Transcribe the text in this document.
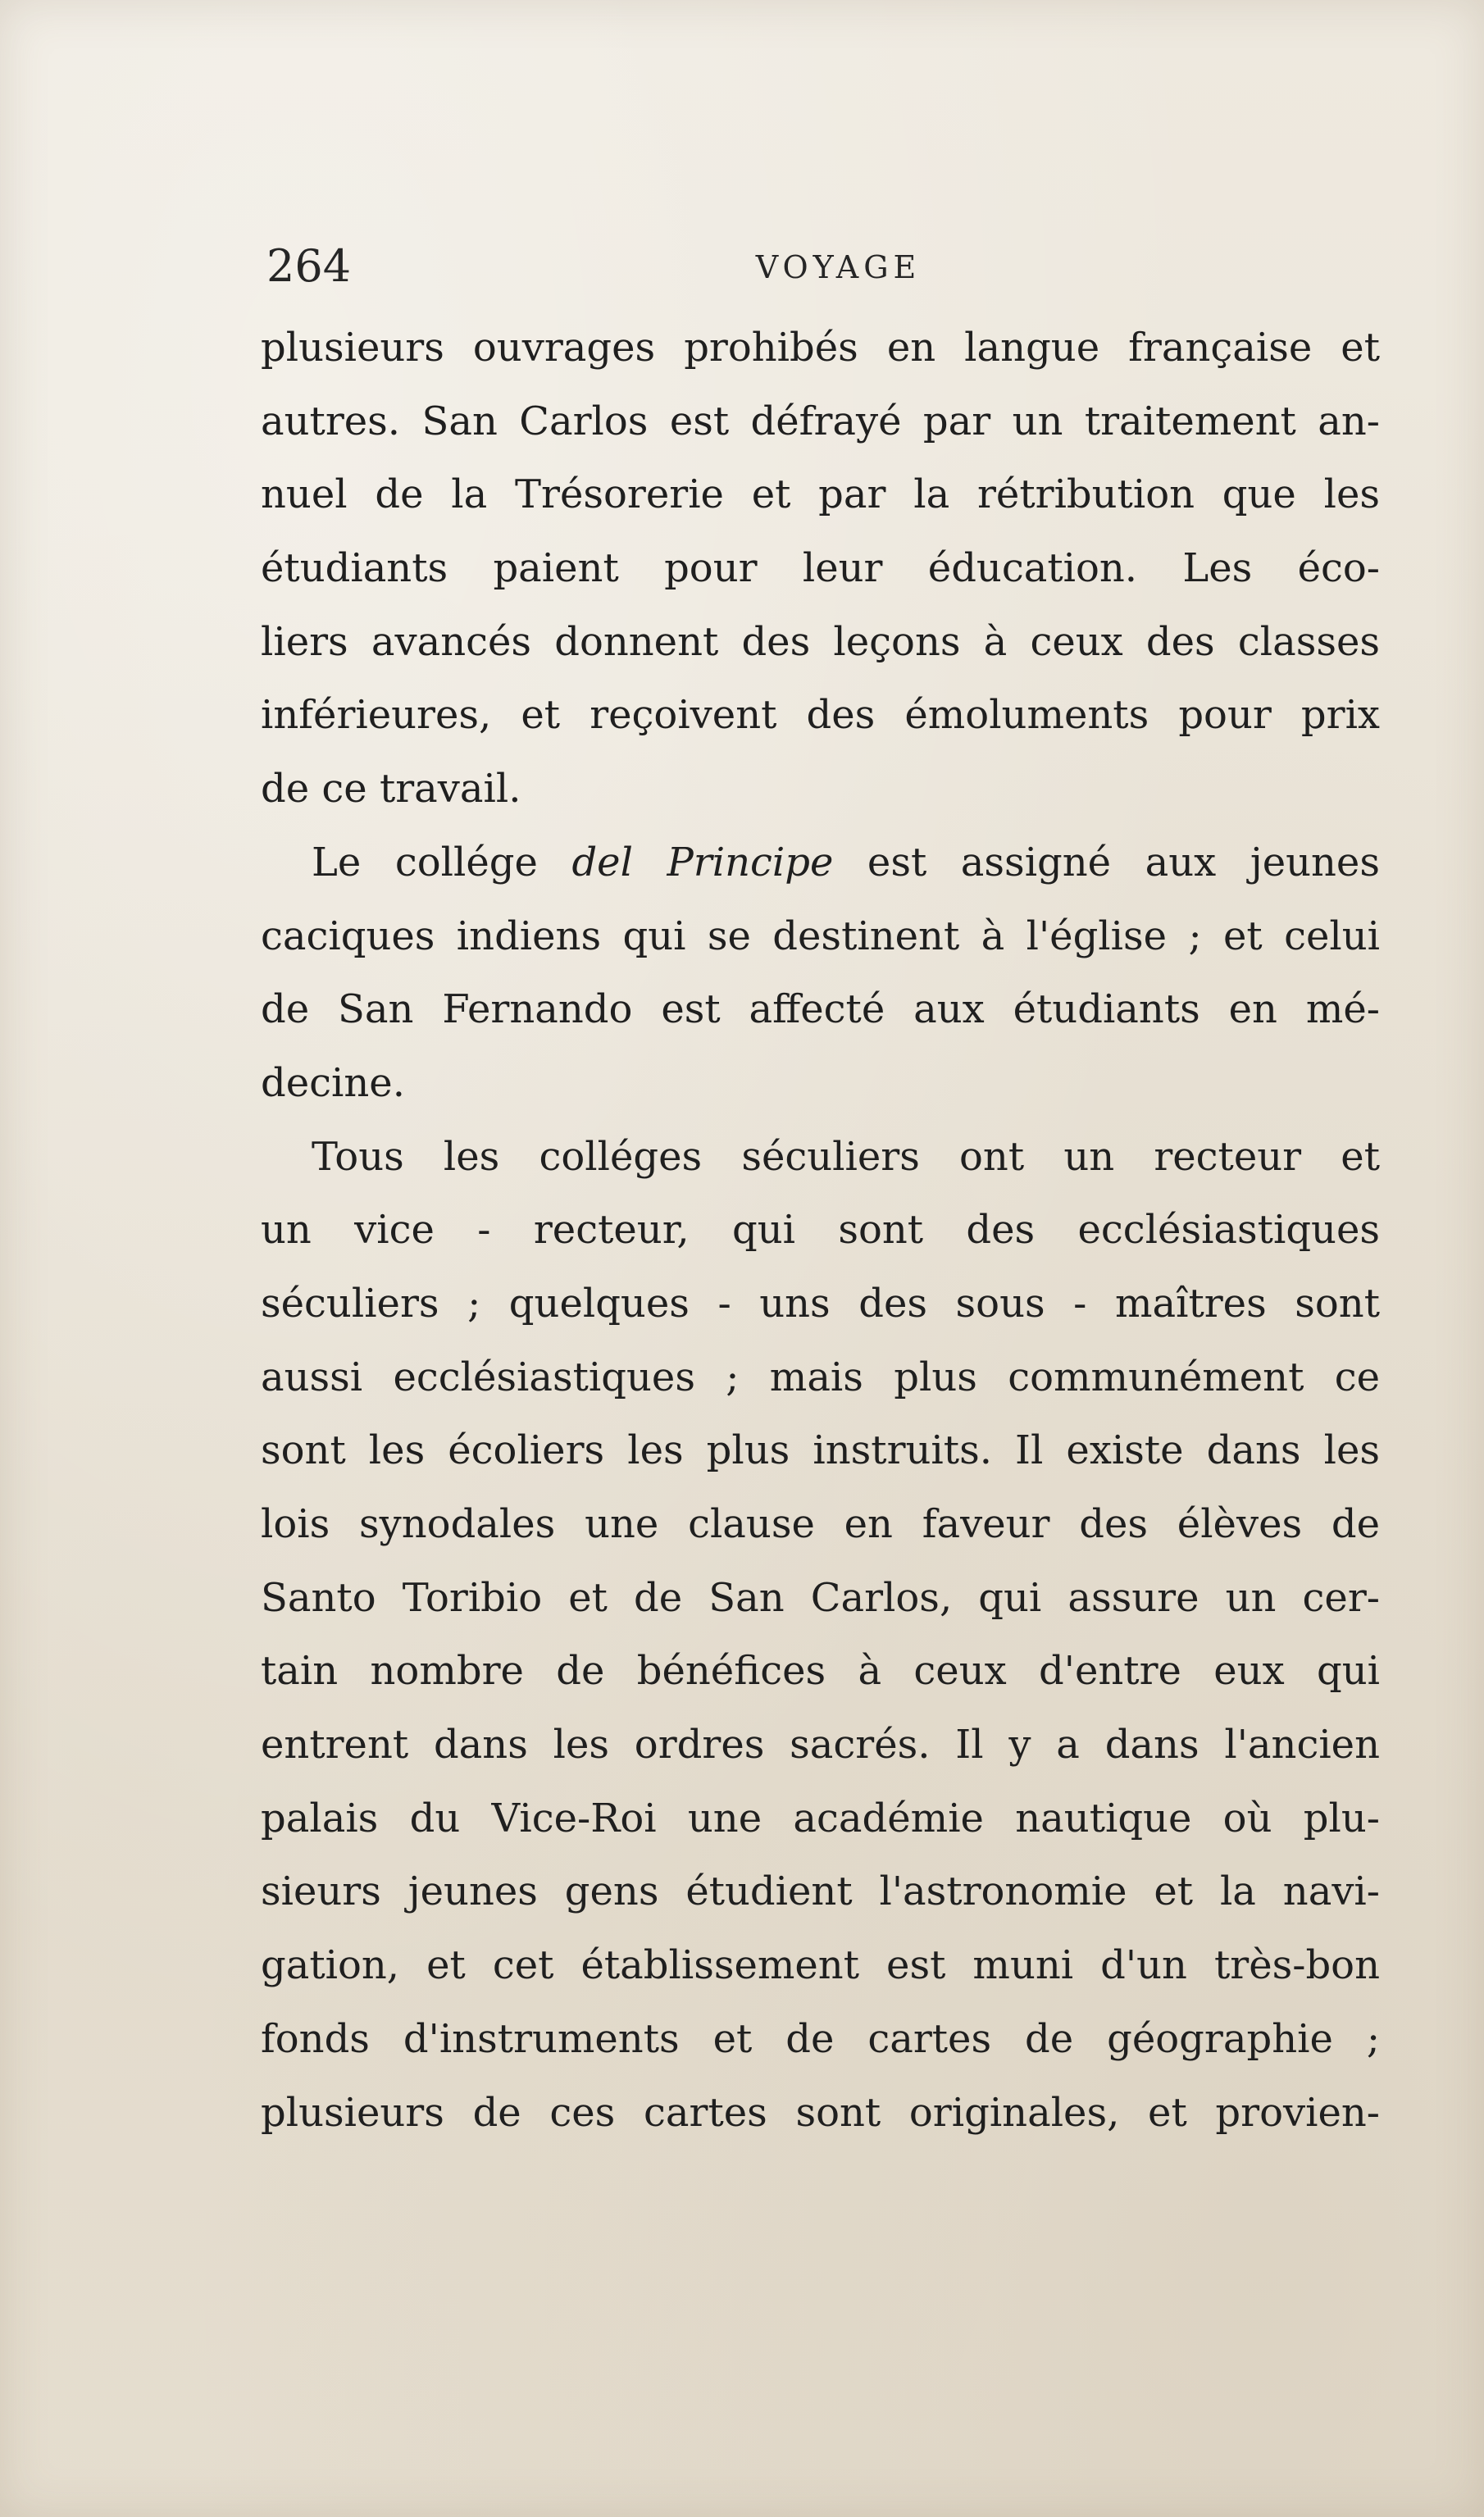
264	VOYAGE
plusieurs ouvrages prohibés en langue française et
autres. San Carlos est défrayé par un traitement an-
nuel de la Trésorerie et par la rétribution que les
étudiants paient pour leur éducation. Les éco-
liers avancés donnent des leçons à ceux des classes
inférieures, et reçoivent des émoluments pour prix
de ce travail.
Le collége del Principe est assigné aux jeunes
caciques indiens qui se destinent à l'église ; et celui
de San Fernando est affecté aux étudiants en mé-
decine.
Tous les colléges séculiers ont un recteur et
un vice - recteur, qui sont des ecclésiastiques
séculiers ; quelques - uns des sous - maîtres sont
aussi ecclésiastiques ; mais plus communément ce
sont les écoliers les plus instruits. Il existe dans les
lois synodales une clause en faveur des élèves de
Santo Toribio et de San Carlos, qui assure un cer-
tain nombre de bénéfices à ceux d'entre eux qui
entrent dans les ordres sacrés. Il y a dans l'ancien
palais du Vice-Roi une académie nautique où plu-
sieurs jeunes gens étudient l'astronomie et la navi-
gation, et cet établissement est muni d'un très-bon
fonds d'instruments et de cartes de géographie ;
plusieurs de ces cartes sont originales, et provien-
